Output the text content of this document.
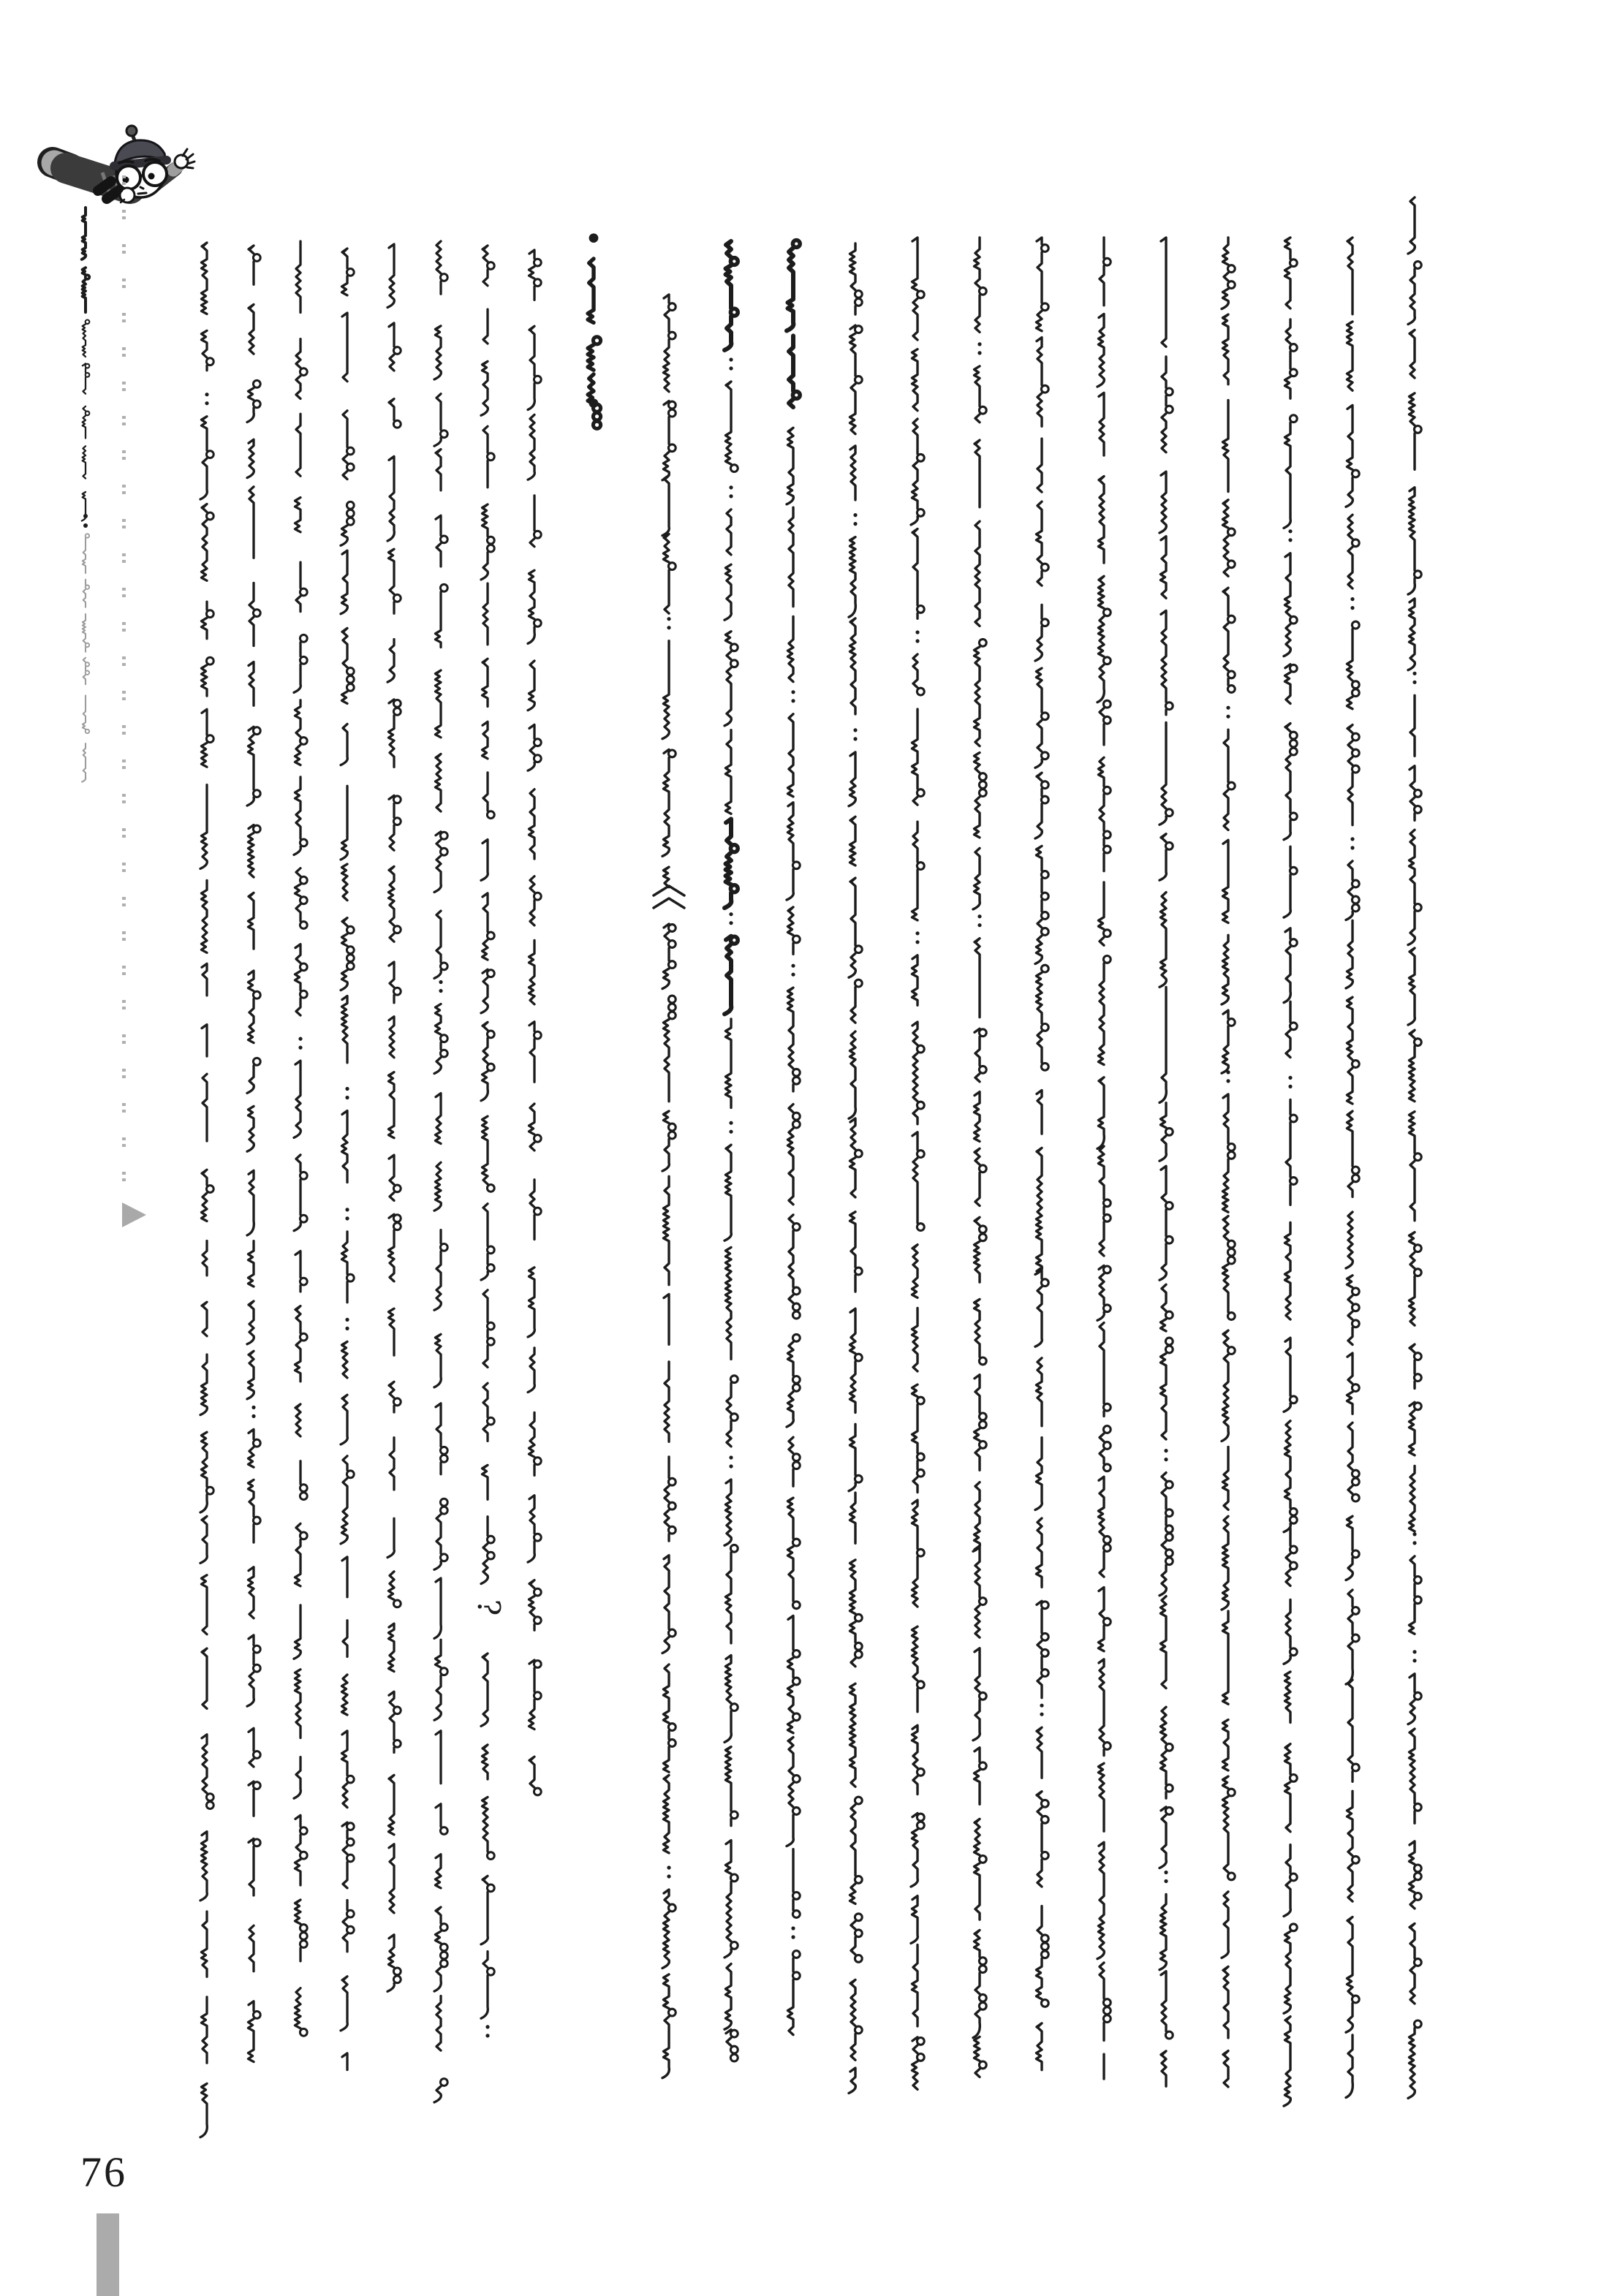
•
•
?
76
